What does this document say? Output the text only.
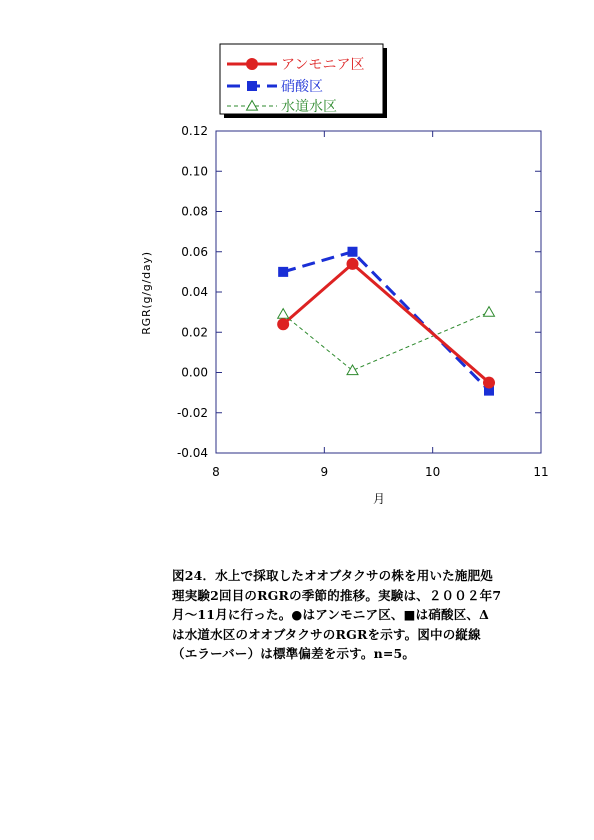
アンモニア区
硝酸区
水道水区
0.12
0.10
0.08
0.06
0.04
0.02
0.00
-0.02
-0.04
8	9	10	11
月
RGR(g/g/day)
図24．水上で採取したオオブタクサの株を用いた施肥処
理実験2回目のRGRの季節的推移。実験は、２００２年7
月～11月に行った。●はアンモニア区、■は硝酸区、Δ
は水道水区のオオブタクサのRGRを示す。図中の縦線
（エラーバー）は標準偏差を示す。n=5。
